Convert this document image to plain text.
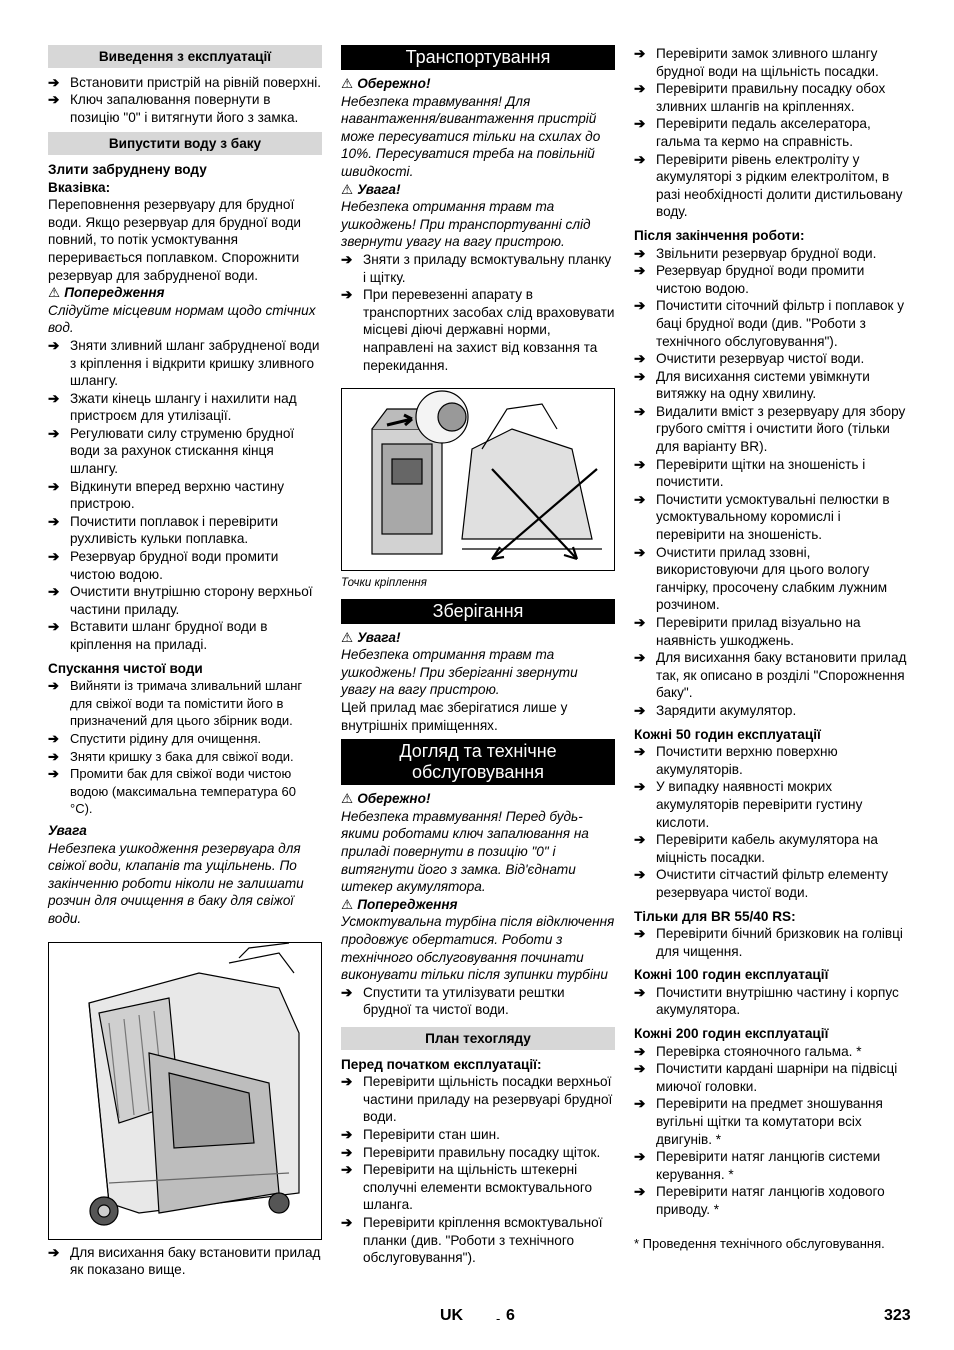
Виведення з експлуатації
➔ Встановити пристрій на рівній поверхні.
➔ Ключ запалювання повернути в позицію "0" і витягнути його з замка.
Випустити воду з баку
Злити забруднену воду
Вказівка:

Переповнення резервуару для брудної води. Якщо резервуар для брудної води повний, то потік усмоктування переривається поплавком. Спорожнити резервуар для забрудненої води.

⚠ Попередження

Слідуйте місцевим нормам щодо стічних вод.

➔ Зняти зливний шланг забрудненої води з кріплення і відкрити кришку зливного шлангу.
➔ Зжати кінець шлангу і нахилити над пристроєм для утилізації.
➔ Регулювати силу струменю брудної води за рахунок стискання кінця шлангу.
➔ Відкинути вперед верхню частину пристрою.
➔ Почистити поплавок і перевірити рухливість кульки поплавка.
➔ Резервуар брудної води промити чистою водою.
➔ Очистити внутрішню сторону верхньої частини приладу.
➔ Вставити шланг брудної води в кріплення на приладі.
Спускання чистої води
➔ Вийняти із тримача зливальний шланг для свіжої води та помістити його в призначений для цього збірник води.
➔ Спустити рідину для очищення.
➔ Зняти кришку з бака для свіжої води.
➔ Промити бак для свіжої води чистою водою (максимальна температура 60 °C).
Увага

Небезпека ушкодження резервуара для свіжої води, клапанів та ущільнень. По закінченню роботи ніколи не залишати розчин для очищення в баку для свіжої води.

➔ Для висихання баку встановити прилад як показано вище.
Транспортування
⚠ Обережно!

Небезпека травмування! Для навантаження/вивантаження пристрій може пересуватися тільки на схилах до 10%. Пересуватися треба на повільній швидкості.

⚠ Увага!

Небезпека отримання травм та ушкоджень! При транспортуванні слід звернути увагу на вагу пристрою.

➔ Зняти з приладу всмоктувальну планку і щітку.
➔ При перевезенні апарату в транспортних засобах слід враховувати місцеві діючі державні норми, направлені на захист від ковзання та перекидання.
Точки кріплення
Зберігання
⚠ Увага!

Небезпека отримання травм та ушкоджень! При зберіганні звернути увагу на вагу пристрою.

Цей прилад має зберігатися лише у внутрішніх приміщеннях.

Догляд та технічне
обслуговування
⚠ Обережно!

Небезпека травмування! Перед будь-якими роботами ключ запалювання на приладі повернути в позицію "0" і витягнути його з замка. Від'єднати штекер акумулятора.

⚠ Попередження

Усмоктувальна турбіна після відключення продовжує обертатися. Роботи з технічного обслуговування починати виконувати тільки після зупинки турбіни

➔ Спустити та утилізувати рештки брудної та чистої води.
План техогляду
Перед початком експлуатації:
➔ Перевірити щільність посадки верхньої частини приладу на резервуарі брудної води.
➔ Перевірити стан шин.
➔ Перевірити правильну посадку щіток.
➔ Перевірити на щільність штекерні сполучні елементи всмоктувального шланга.
➔ Перевірити кріплення всмоктувальної планки (див. "Роботи з технічного обслуговування").
➔ Перевірити замок зливного шлангу брудної води на щільність посадки.
➔ Перевірити правильну посадку обох зливних шлангів на кріпленнях.
➔ Перевірити педаль акселератора, гальма та кермо на справність.
➔ Перевірити рівень електроліту у акумуляторі з рідким електролітом, в разі необхідності долити дистильовану воду.
Після закінчення роботи:
➔ Звільнити резервуар брудної води.
➔ Резервуар брудної води промити чистою водою.
➔ Почистити сіточний фільтр і поплавок у баці брудної води (див. "Роботи з технічного обслуговування").
➔ Очистити резервуар чистої води.
➔ Для висихання системи увімкнути витяжку на одну хвилину.
➔ Видалити вміст з резервуару для збору грубого сміття і очистити його (тільки для варіанту BR).
➔ Перевірити щітки на зношеність і почистити.
➔ Почистити усмоктувальні пелюстки в усмоктувальному коромислі і перевірити на зношеність.
➔ Очистити прилад ззовні, використовуючи для цього вологу ганчірку, просочену слабким лужним розчином.
➔ Перевірити прилад візуально на наявність ушкоджень.
➔ Для висихання баку встановити прилад так, як описано в розділі "Спорожнення баку".
➔ Зарядити акумулятор.
Кожні 50 годин експлуатації
➔ Почистити верхню поверхню акумуляторів.
➔ У випадку наявності мокрих акумуляторів перевірити густину кислоти.
➔ Перевірити кабель акумулятора на міцність посадки.
➔ Очистити сітчастий фільтр елементу резервуара чистої води.
Тільки для BR 55/40 RS:
➔ Перевірити бічний бризковик на голівці для чищення.
Кожні 100 годин експлуатації
➔ Почистити внутрішню частину і корпус акумулятора.
Кожні 200 годин експлуатації
➔ Перевірка стояночного гальма. *
➔ Почистити кардані шарніри на підвісці миючої головки.
➔ Перевірити на предмет зношування вугільні щітки та комутатори всіх двигунів. *
➔ Перевірити натяг ланцюгів системи керування. *
➔ Перевірити натяг ланцюгів ходового приводу. *

* Проведення технічного обслуговування.

UK	- 6	323
